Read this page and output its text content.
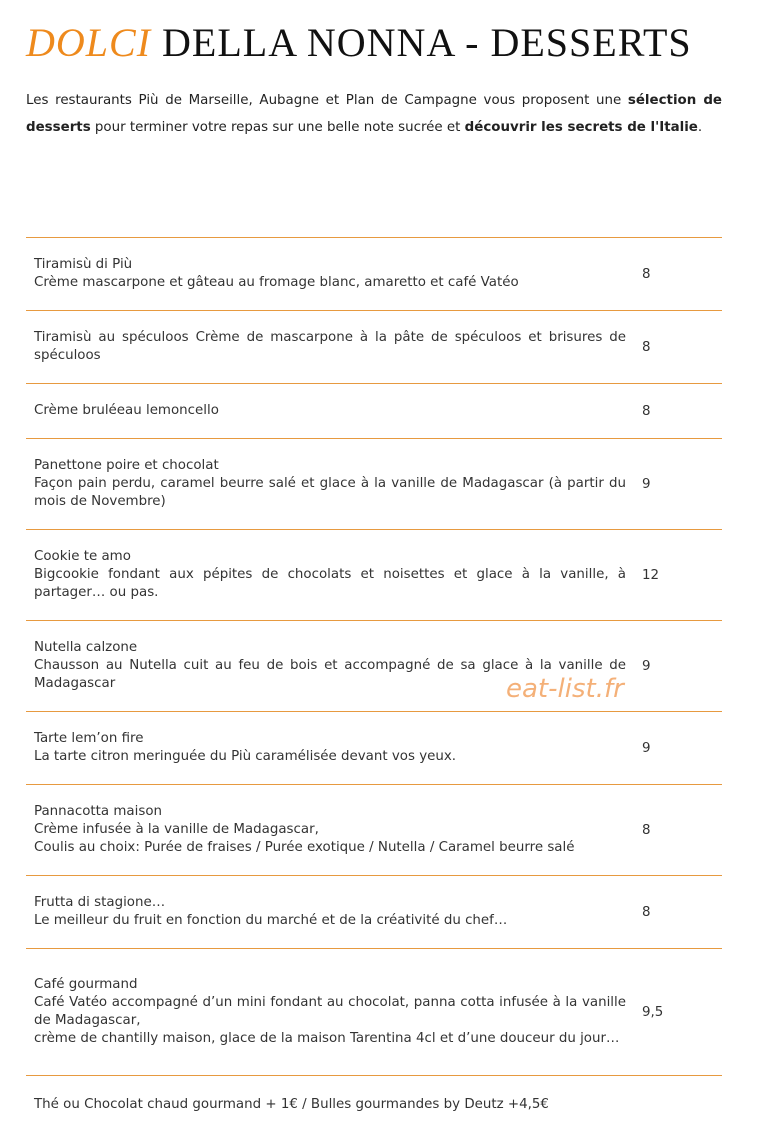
DOLCI DELLA NONNA - DESSERTS

Les restaurants Più de Marseille, Aubagne et Plan de Campagne vous proposent une sélection de desserts pour terminer votre repas sur une belle note sucrée et découvrir les secrets de l'Italie.

Tiramisù di Più
Crème mascarpone et gâteau au fromage blanc, amaretto et café Vatéo
8
Tiramisù au spéculoos Crème de mascarpone à la pâte de spéculoos et brisures de spéculoos
8
Crème bruléeau lemoncello	8
Panettone poire et chocolat
Façon pain perdu, caramel beurre salé et glace à la vanille de Madagascar (à partir du mois de Novembre)
9
Cookie te amo
Bigcookie fondant aux pépites de chocolats et noisettes et glace à la vanille, à partager… ou pas.
12
Nutella calzone
Chausson au Nutella cuit au feu de bois et accompagné de sa glace à la vanille de Madagascar
9
Tarte lem’on fire
La tarte citron meringuée du Più caramélisée devant vos yeux.
9
Pannacotta maison
Crème infusée à la vanille de Madagascar,
Coulis au choix: Purée de fraises / Purée exotique / Nutella / Caramel beurre salé
8
Frutta di stagione…
Le meilleur du fruit en fonction du marché et de la créativité du chef…
8
Café gourmand
Café Vatéo accompagné d’un mini fondant au chocolat, panna cotta infusée à la vanille de Madagascar,
crème de chantilly maison, glace de la maison Tarentina 4cl et d’une douceur du jour…
9,5
Thé ou Chocolat chaud gourmand + 1€ / Bulles gourmandes by Deutz +4,5€
eat-list.fr
